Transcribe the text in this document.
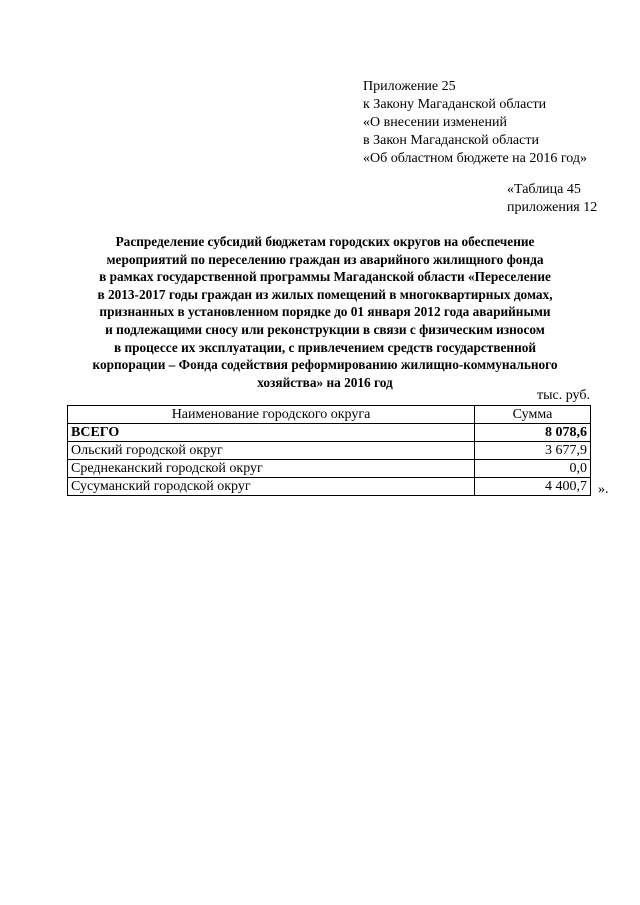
Приложение 25
к Закону Магаданской области
«О внесении изменений
в Закон Магаданской области
«Об областном бюджете на 2016 год»
«Таблица 45
приложения 12
Распределение субсидий бюджетам городских округов на обеспечение
мероприятий по переселению граждан из аварийного жилищного фонда
в рамках государственной программы Магаданской области «Переселение
в 2013-2017 годы граждан из жилых помещений в многоквартирных домах,
признанных в установленном порядке до 01 января 2012 года аварийными
и подлежащими сносу или реконструкции в связи с физическим износом
в процессе их эксплуатации, с привлечением средств государственной
корпорации – Фонда содействия реформированию жилищно-коммунального
хозяйства» на 2016 год
тыс. руб.
Наименование городского округа	Сумма
ВСЕГО	8 078,6
Ольский городской округ	3 677,9
Среднеканский городской округ	0,0
Сусуманский городской округ	4 400,7 ».
